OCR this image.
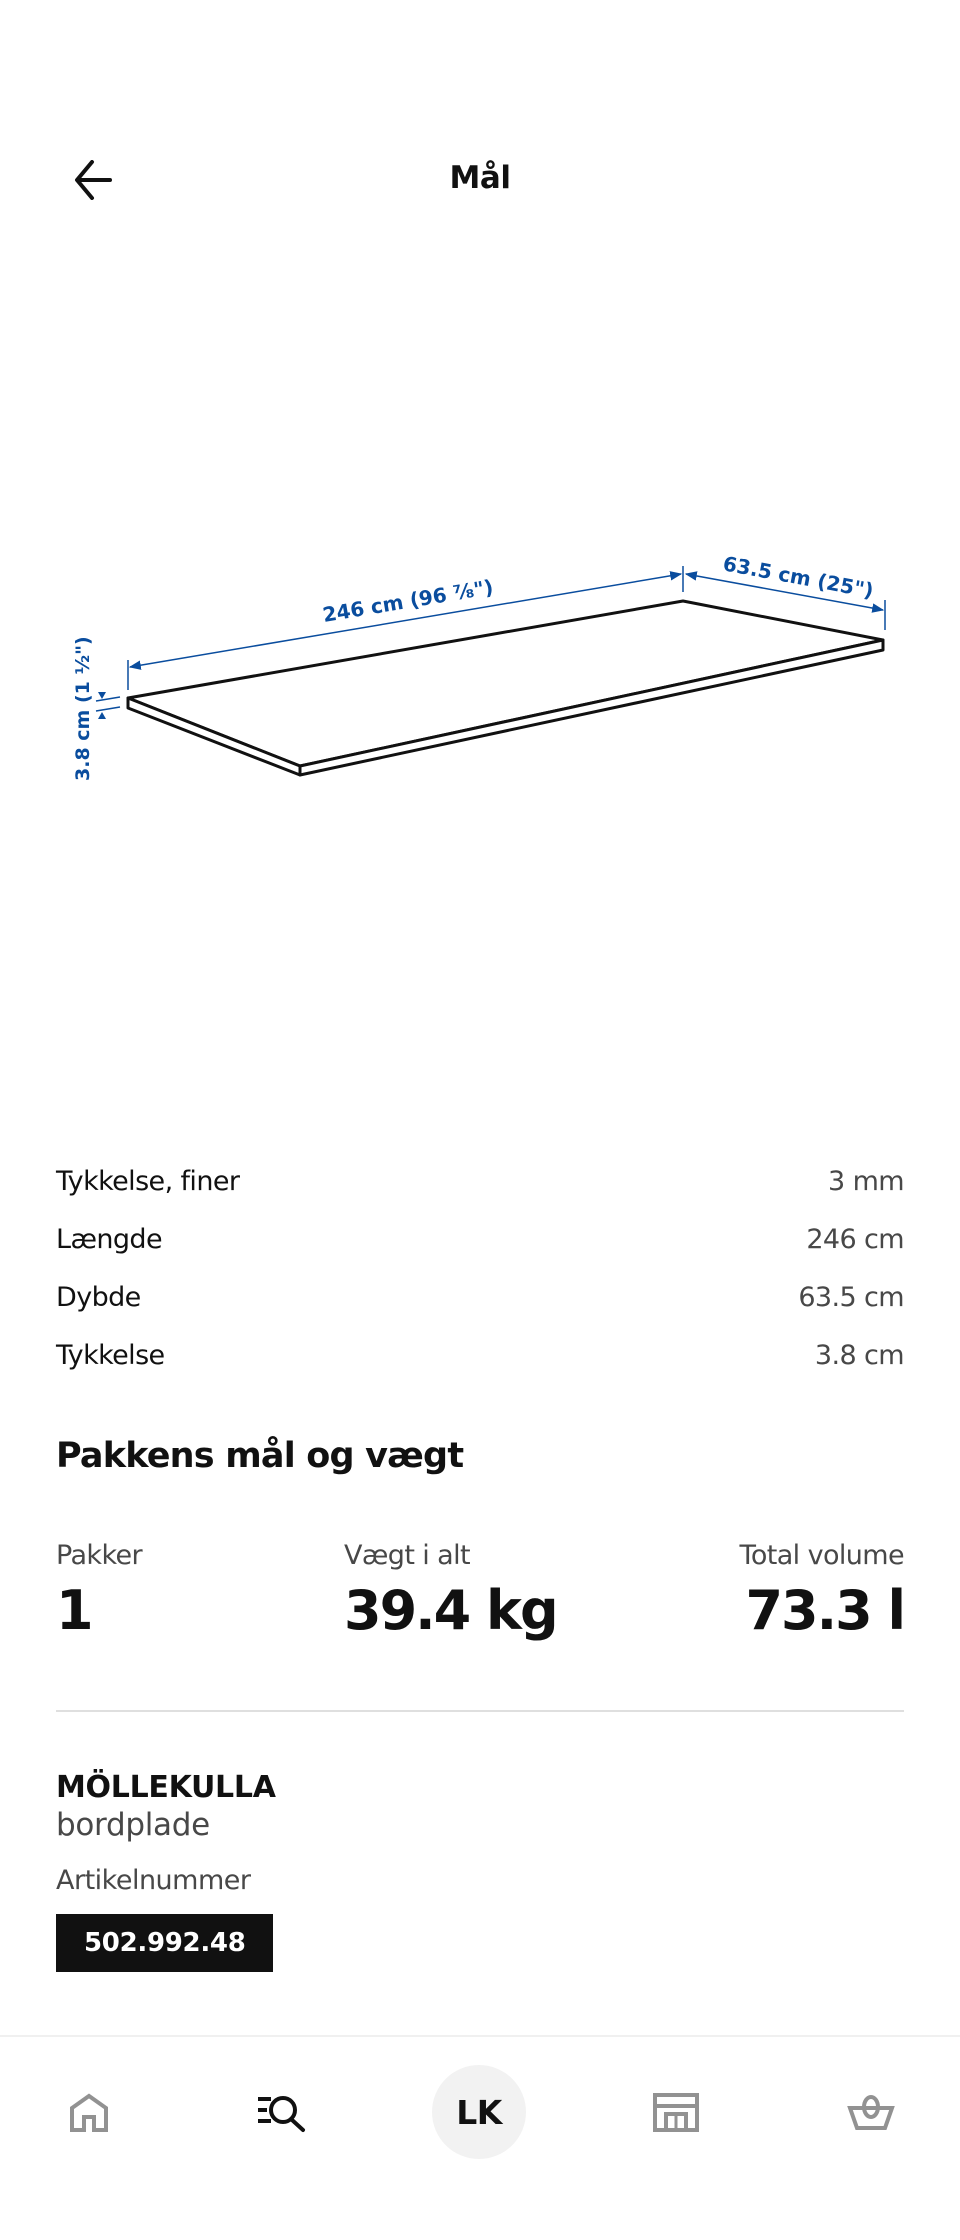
Mål
246 cm (96 ⅞")	63.5 cm (25")
3.8 cm (1 ½")
Tykkelse, finer	3 mm
Længde	246 cm
Dybde	63.5 cm
Tykkelse	3.8 cm
Pakkens mål og vægt
Pakker
1
Vægt i alt
39.4 kg
Total volume
73.3 l
MÖLLEKULLA
bordplade
Artikelnummer
502.992.48
LK
